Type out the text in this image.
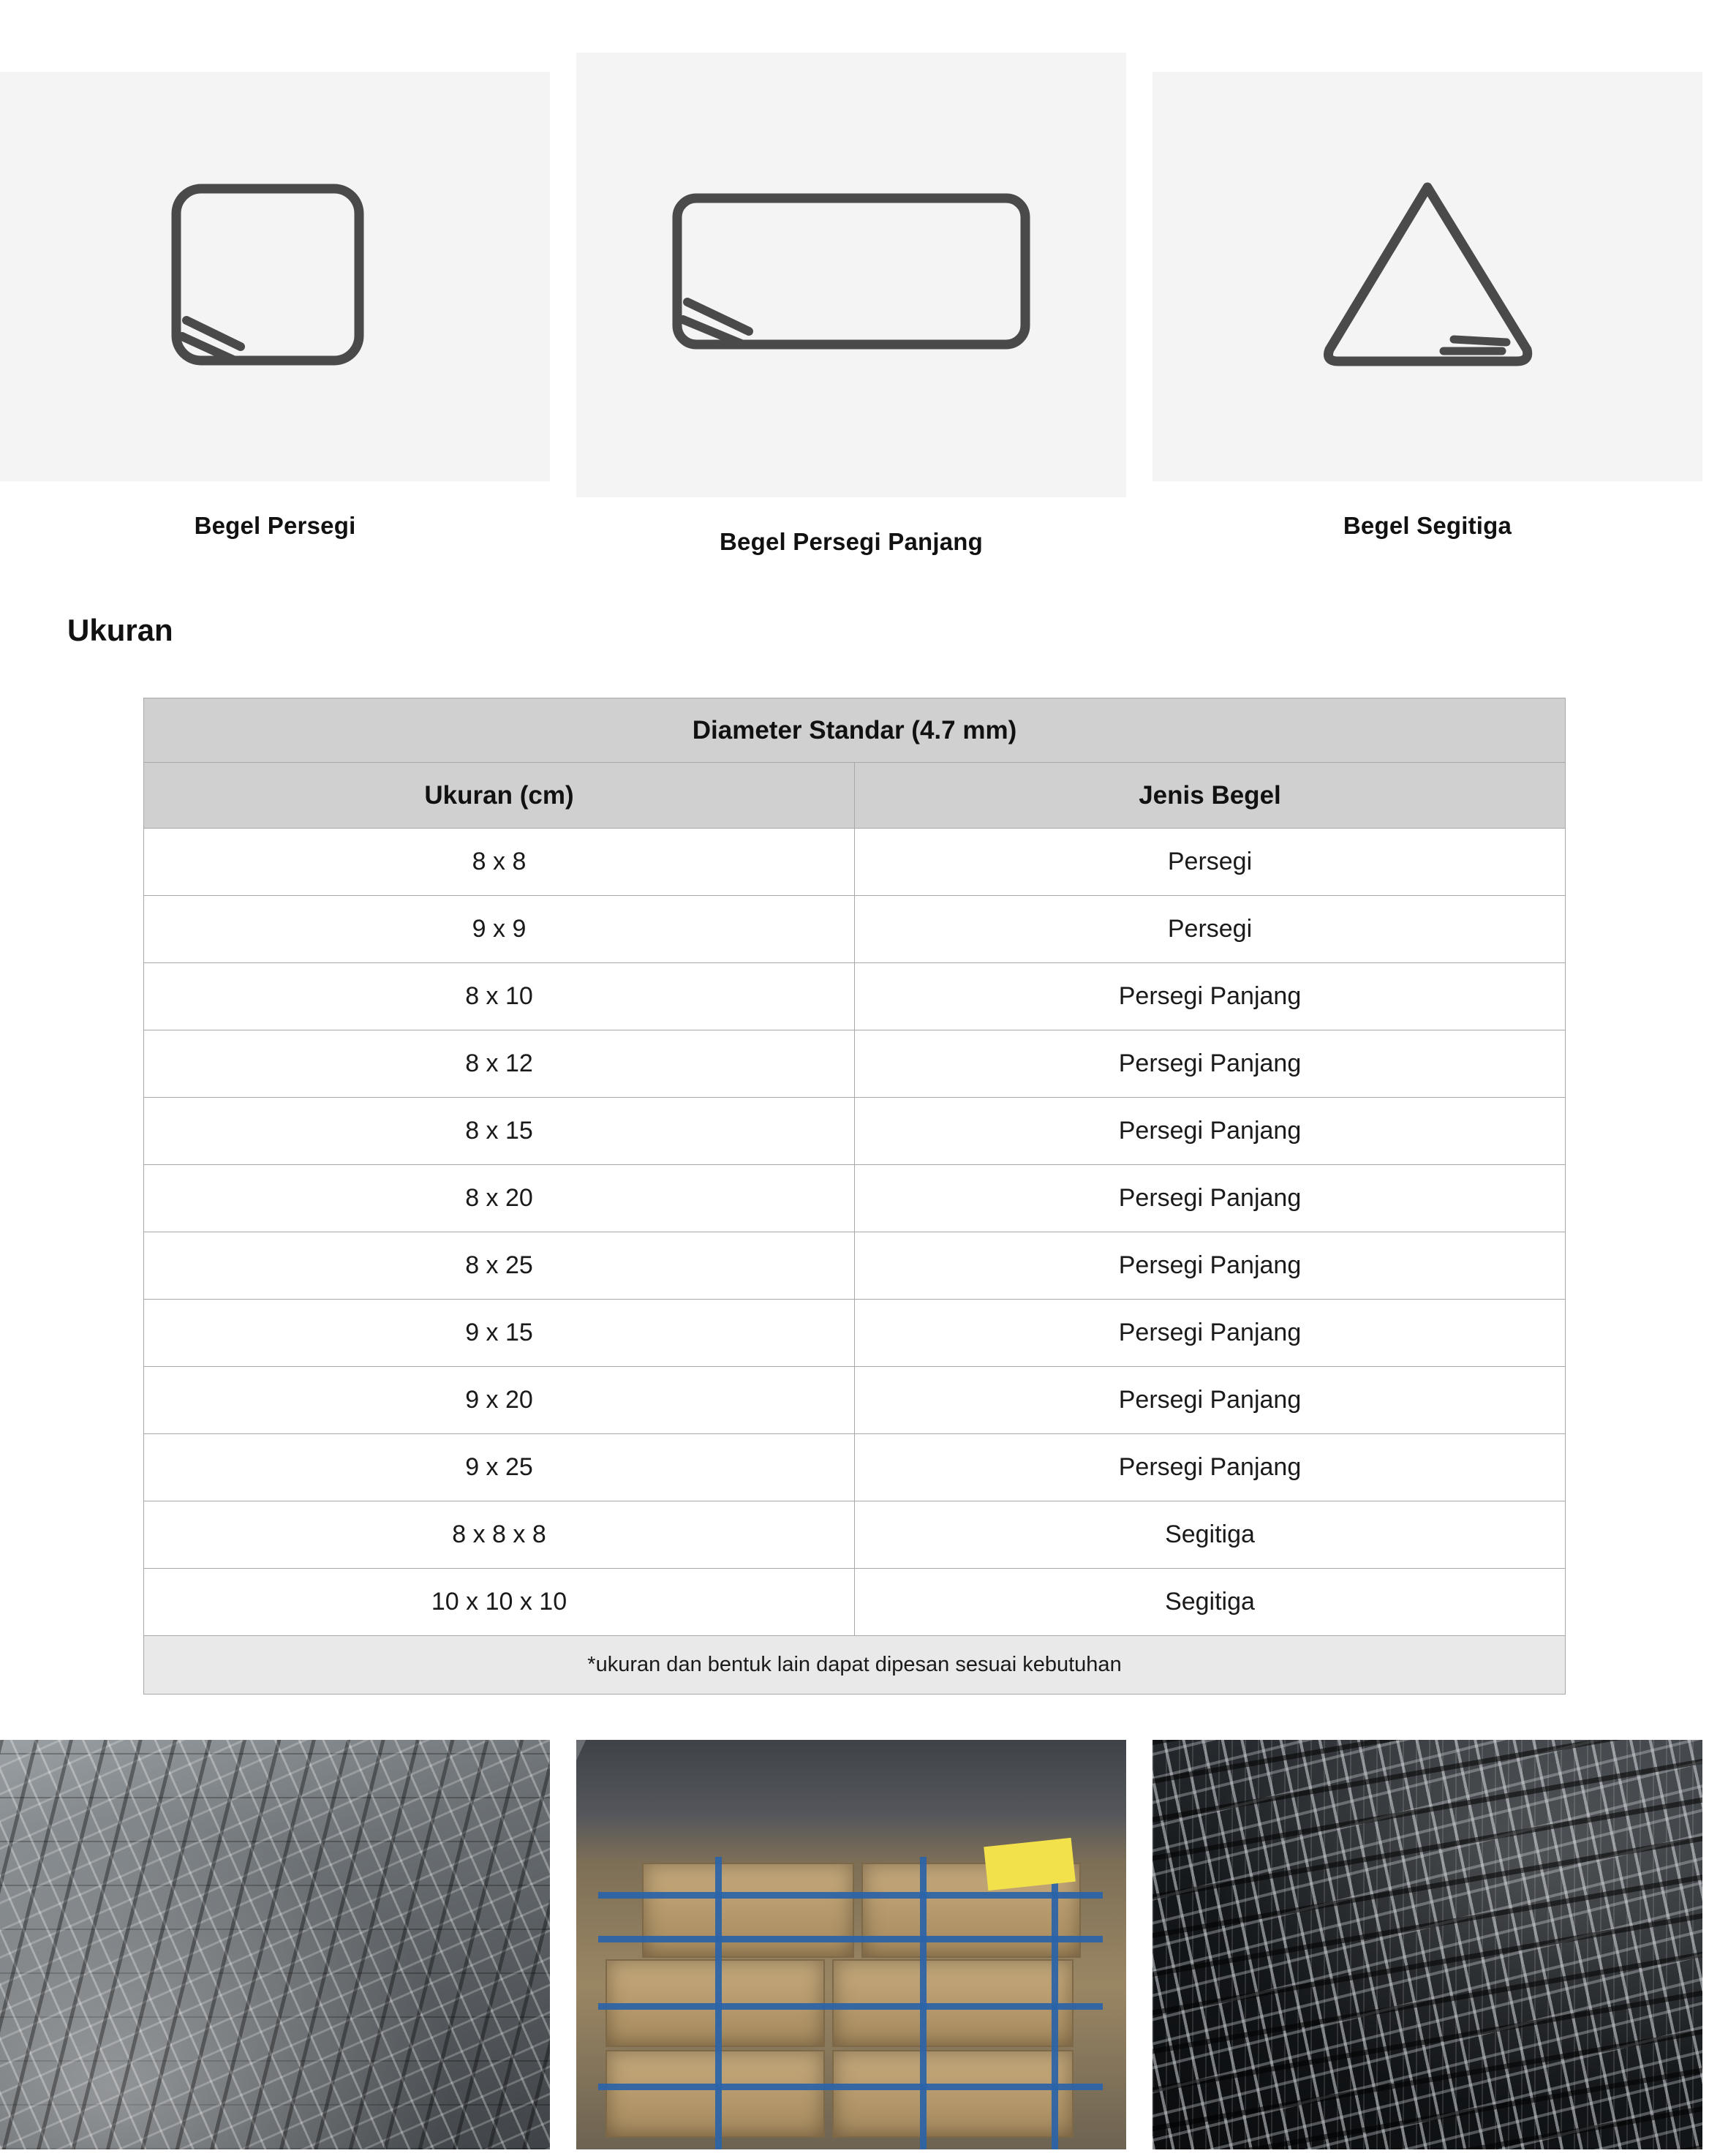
Begel Persegi
Begel Persegi Panjang
Begel Segitiga
Ukuran
Diameter Standar (4.7 mm)	
Ukuran (cm)	Jenis Begel
8 x 8	Persegi
9 x 9	Persegi
8 x 10	Persegi Panjang
8 x 12	Persegi Panjang
8 x 15	Persegi Panjang
8 x 20	Persegi Panjang
8 x 25	Persegi Panjang
9 x 15	Persegi Panjang
9 x 20	Persegi Panjang
9 x 25	Persegi Panjang
8 x 8 x 8	Segitiga
10 x 10 x 10	Segitiga
*ukuran dan bentuk lain dapat dipesan sesuai kebutuhan	
